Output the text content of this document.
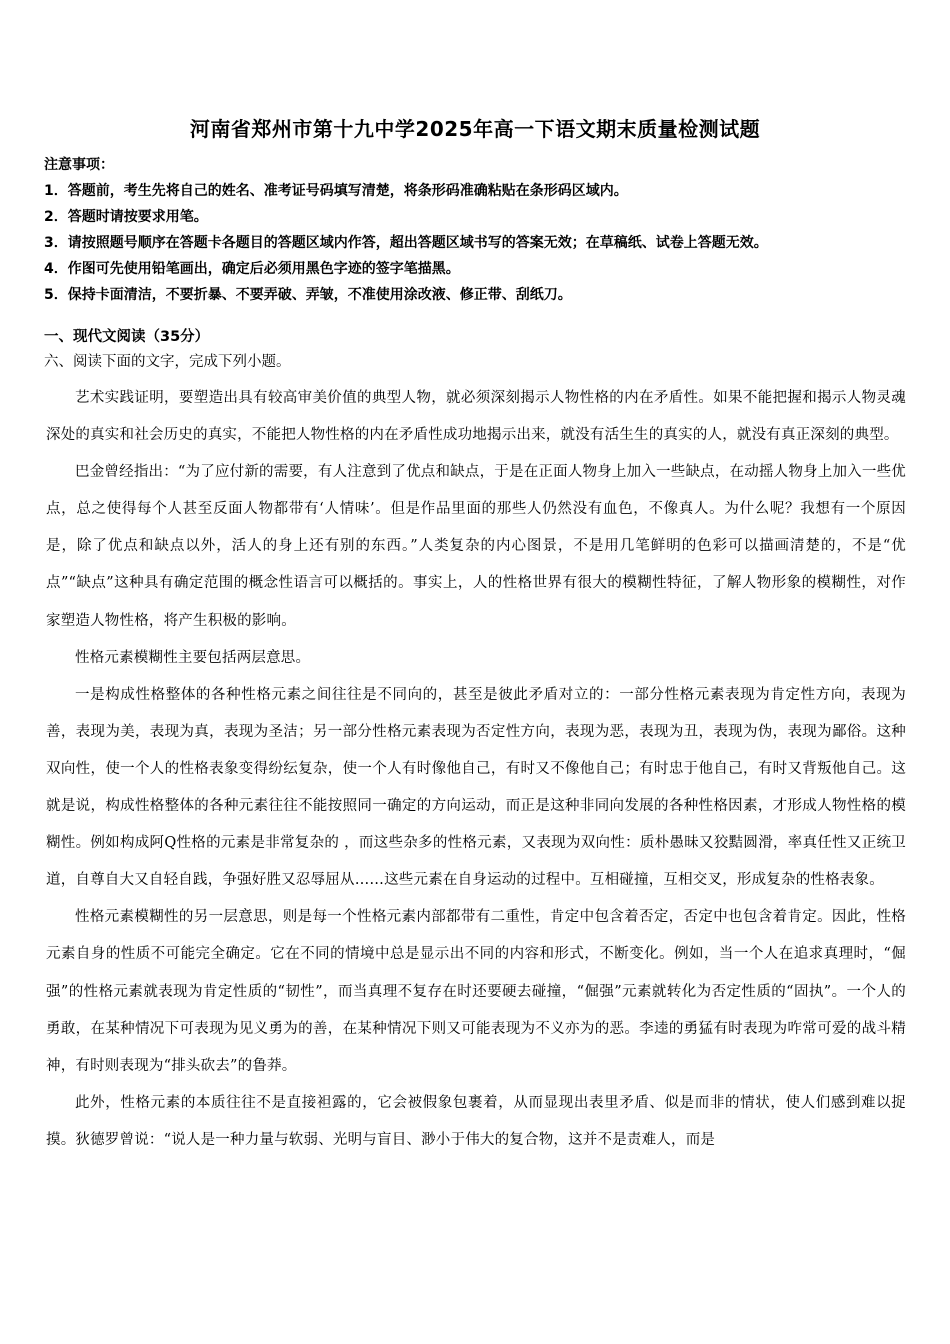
河南省郑州市第十九中学2025年高一下语文期末质量检测试题
注意事项：
1．答题前，考生先将自己的姓名、准考证号码填写清楚，将条形码准确粘贴在条形码区域内。
2．答题时请按要求用笔。
3．请按照题号顺序在答题卡各题目的答题区域内作答，超出答题区域书写的答案无效；在草稿纸、试卷上答题无效。
4．作图可先使用铅笔画出，确定后必须用黑色字迹的签字笔描黑。
5．保持卡面清洁，不要折暴、不要弄破、弄皱，不准使用涂改液、修正带、刮纸刀。
一、现代文阅读（35分）
六、阅读下面的文字，完成下列小题。

艺术实践证明，要塑造出具有较高审美价值的典型人物，就必须深刻揭示人物性格的内在矛盾性。如果不能把握和揭示人物灵魂深处的真实和社会历史的真实，不能把人物性格的内在矛盾性成功地揭示出来，就没有活生生的真实的人，就没有真正深刻的典型。

巴金曾经指出：“为了应付新的需要，有人注意到了优点和缺点，于是在正面人物身上加入一些缺点，在动摇人物身上加入一些优点，总之使得每个人甚至反面人物都带有‘人情味’。但是作品里面的那些人仍然没有血色，不像真人。为什么呢？我想有一个原因是，除了优点和缺点以外，活人的身上还有别的东西。”人类复杂的内心图景，不是用几笔鲜明的色彩可以描画清楚的，不是“优点”“缺点”这种具有确定范围的概念性语言可以概括的。事实上，人的性格世界有很大的模糊性特征，了解人物形象的模糊性，对作家塑造人物性格，将产生积极的影响。

性格元素模糊性主要包括两层意思。

一是构成性格整体的各种性格元素之间往往是不同向的，甚至是彼此矛盾对立的：一部分性格元素表现为肯定性方向，表现为善，表现为美，表现为真，表现为圣洁；另一部分性格元素表现为否定性方向，表现为恶，表现为丑，表现为伪，表现为鄙俗。这种双向性，使一个人的性格表象变得纷纭复杂，使一个人有时像他自己，有时又不像他自己；有时忠于他自己，有时又背叛他自己。这就是说，构成性格整体的各种元素往往不能按照同一确定的方向运动，而正是这种非同向发展的各种性格因素，才形成人物性格的模糊性。例如构成阿Q性格的元素是非常复杂的 ，而这些杂多的性格元素，又表现为双向性：质朴愚昧又狡黠圆滑，率真任性又正统卫道，自尊自大又自轻自践，争强好胜又忍辱屈从……这些元素在自身运动的过程中。互相碰撞，互相交叉，形成复杂的性格表象。

性格元素模糊性的另一层意思，则是每一个性格元素内部都带有二重性，肯定中包含着否定，否定中也包含着肯定。因此，性格元素自身的性质不可能完全确定。它在不同的情境中总是显示出不同的内容和形式，不断变化。例如，当一个人在追求真理时，“倔强”的性格元素就表现为肯定性质的“韧性”，而当真理不复存在时还要硬去碰撞，“倔强”元素就转化为否定性质的“固执”。一个人的勇敢，在某种情况下可表现为见义勇为的善，在某种情况下则又可能表现为不义亦为的恶。李逵的勇猛有时表现为咋常可爱的战斗精神，有时则表现为“排头砍去”的鲁莽。

此外，性格元素的本质往往不是直接袒露的，它会被假象包裹着，从而显现出表里矛盾、似是而非的情状，使人们感到难以捉摸。狄德罗曾说：“说人是一种力量与软弱、光明与盲目、渺小于伟大的复合物，这并不是责难人，而是
